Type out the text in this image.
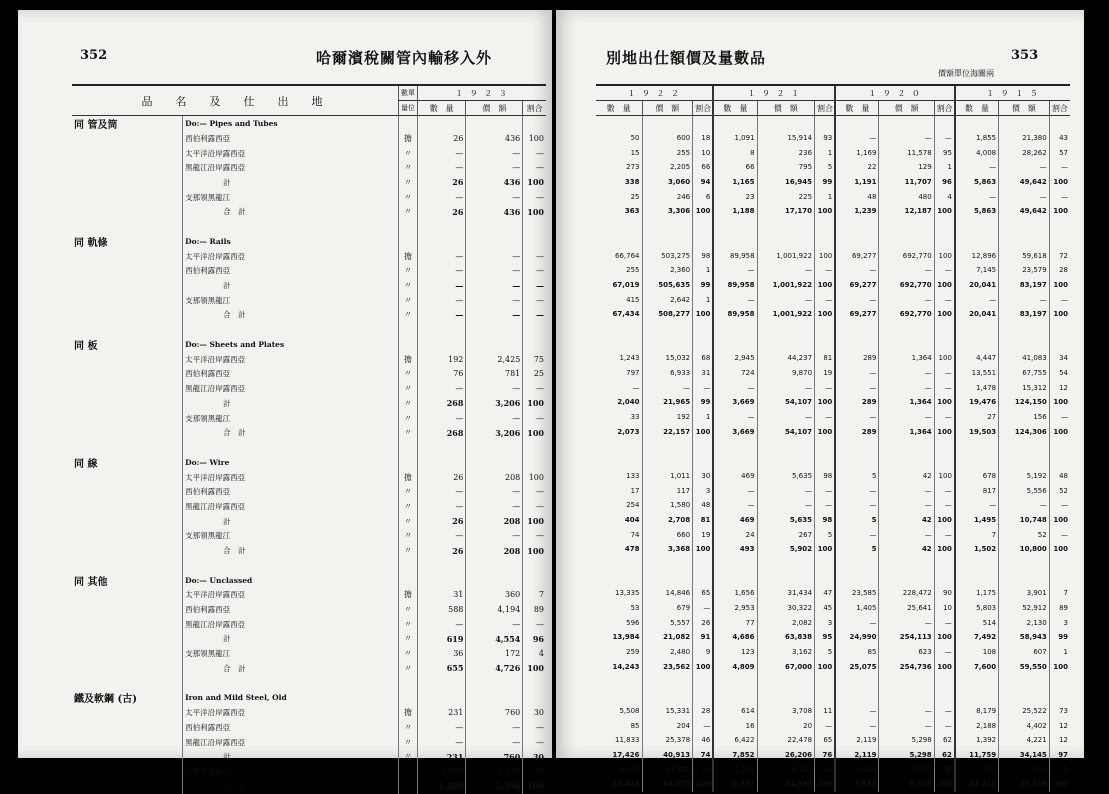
352	哈爾濱稅關管內輸移入外
品　名　及　仕　出　地		數單	１ ９ ２ ３		
		量位	數　量	價　額	割合
同 管及筒	Do:— Pipes and Tubes				
	西伯利露西亞	擔	26	436	100
	太平洋沿岸露西亞	〃	—	—	—
	黑龍江沿岸露西亞	〃	—	—	—
	計	〃	26	436	100
	支那領黑龍江	〃	—	—	—
	合　計	〃	26	436	100

同 軌條	Do:— Rails				
	太平洋沿岸露西亞	擔	—	—	—
	西伯利露西亞	〃	—	—	—
	計	〃	—	—	—
	支那領黑龍江	〃	—	—	—
	合　計	〃	—	—	—

同 板	Do:— Sheets and Plates				
	太平洋沿岸露西亞	擔	192	2,425	75
	西伯利露西亞	〃	76	781	25
	黑龍江沿岸露西亞	〃	—	—	—
	計	〃	268	3,206	100
	支那領黑龍江	〃	—	—	—
	合　計	〃	268	3,206	100

同 線	Do:— Wire				
	太平洋沿岸露西亞	擔	26	208	100
	西伯利露西亞	〃	—	—	—
	黑龍江沿岸露西亞	〃	—	—	—
	計	〃	26	208	100
	支那領黑龍江	〃	—	—	—
	合　計	〃	26	208	100

同 其他	Do:— Unclassed				
	太平洋沿岸露西亞	擔	31	360	7
	西伯利露西亞	〃	588	4,194	89
	黑龍江沿岸露西亞	〃	—	—	—
	計	〃	619	4,554	96
	支那領黑龍江	〃	36	172	4
	合　計	〃	655	4,726	100

鐵及軟鋼 (古)	Iron and Mild Steel, Old				
	太平洋沿岸露西亞	擔	231	760	30
	西伯利露西亞	〃	—	—	—
	黑龍江沿岸露西亞	〃	—	—	—
	計	〃	231	760	30
	支那領黑龍江	〃	1,057	1,636	70
	合　計	〃	1,288	2,396	100
別地出仕額價及量數品	353
價額單位海關兩
１ ９ ２ ２			１ ９ ２ １			１ ９ ２ ０			１ ９ １ ５		
數　量	價　額	割合	數　量	價　額	割合	數　量	價　額	割合	數　量	價　額	割合

50	600	18	1,091	15,914	93	—	—	—	1,855	21,380	43
15	255	10	8	236	1	1,169	11,578	95	4,008	28,262	57
273	2,205	66	66	795	5	22	129	1	—	—	—
338	3,060	94	1,165	16,945	99	1,191	11,707	96	5,863	49,642	100
25	246	6	23	225	1	48	480	4	—	—	—
363	3,306	100	1,188	17,170	100	1,239	12,187	100	5,863	49,642	100

66,764	503,275	98	89,958	1,001,922	100	69,277	692,770	100	12,896	59,618	72
255	2,360	1	—	—	—	—	—	—	7,145	23,579	28
67,019	505,635	99	89,958	1,001,922	100	69,277	692,770	100	20,041	83,197	100
415	2,642	1	—	—	—	—	—	—	—	—	—
67,434	508,277	100	89,958	1,001,922	100	69,277	692,770	100	20,041	83,197	100

1,243	15,032	68	2,945	44,237	81	289	1,364	100	4,447	41,083	34
797	6,933	31	724	9,870	19	—	—	—	13,551	67,755	54
—	—	—	—	—	—	—	—	—	1,478	15,312	12
2,040	21,965	99	3,669	54,107	100	289	1,364	100	19,476	124,150	100
33	192	1	—	—	—	—	—	—	27	156	—
2,073	22,157	100	3,669	54,107	100	289	1,364	100	19,503	124,306	100

133	1,011	30	469	5,635	98	5	42	100	678	5,192	48
17	117	3	—	—	—	—	—	—	817	5,556	52
254	1,580	48	—	—	—	—	—	—	—	—	—
404	2,708	81	469	5,635	98	5	42	100	1,495	10,748	100
74	660	19	24	267	5	—	—	—	7	52	—
478	3,368	100	493	5,902	100	5	42	100	1,502	10,800	100

13,335	14,846	65	1,656	31,434	47	23,585	228,472	90	1,175	3,901	7
53	679	—	2,953	30,322	45	1,405	25,641	10	5,803	52,912	89
596	5,557	26	77	2,082	3	—	—	—	514	2,130	3
13,984	21,082	91	4,686	63,838	95	24,990	254,113	100	7,492	58,943	99
259	2,480	9	123	3,162	5	85	623	—	108	607	1
14,243	23,562	100	4,809	67,000	100	25,075	254,736	100	7,600	59,550	100

5,508	15,331	28	614	3,708	11	—	—	—	8,179	25,522	73
85	204	—	16	20	—	—	—	—	2,188	4,402	12
11,833	25,378	46	6,422	22,478	65	2,119	5,298	62	1,392	4,221	12
17,426	40,913	74	7,852	26,206	76	2,119	5,298	62	11,759	34,145	97
4,015	13,762	26	2,339	8,187	24	1,414	3,535	38	452	994	3
21,441	54,675	100	9,391	34,393	100	3,533	8,833	100	12,211	35,139	100
